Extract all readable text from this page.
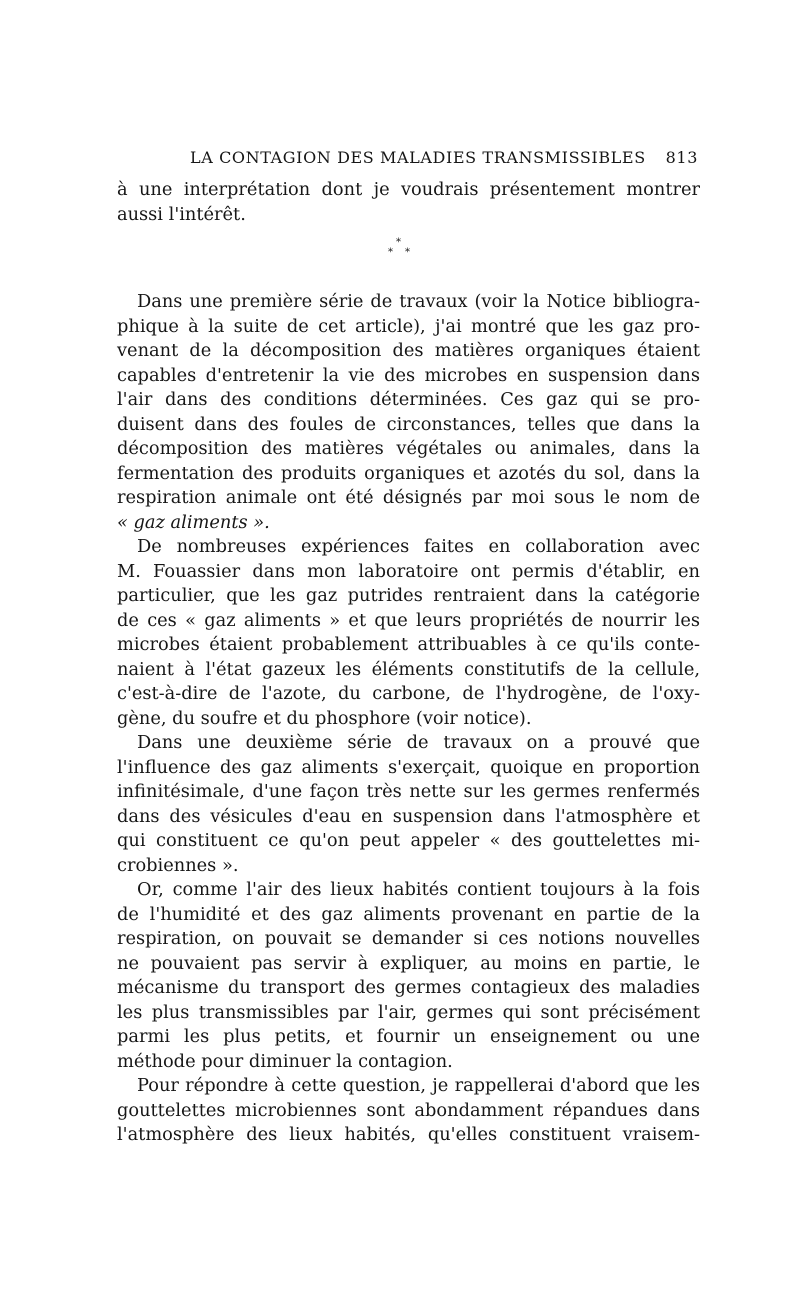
LA CONTAGION DES MALADIES TRANSMISSIBLES 813
à une interprétation dont je voudrais présentement montrer
aussi l'intérêt.
*
* *
Dans une première série de travaux (voir la Notice bibliogra-
phique à la suite de cet article), j'ai montré que les gaz pro-
venant de la décomposition des matières organiques étaient
capables d'entretenir la vie des microbes en suspension dans
l'air dans des conditions déterminées. Ces gaz qui se pro-
duisent dans des foules de circonstances, telles que dans la
décomposition des matières végétales ou animales, dans la
fermentation des produits organiques et azotés du sol, dans la
respiration animale ont été désignés par moi sous le nom de
« gaz aliments ».
De nombreuses expériences faites en collaboration avec
M. Fouassier dans mon laboratoire ont permis d'établir, en
particulier, que les gaz putrides rentraient dans la catégorie
de ces « gaz aliments » et que leurs propriétés de nourrir les
microbes étaient probablement attribuables à ce qu'ils conte-
naient à l'état gazeux les éléments constitutifs de la cellule,
c'est-à-dire de l'azote, du carbone, de l'hydrogène, de l'oxy-
gène, du soufre et du phosphore (voir notice).
Dans une deuxième série de travaux on a prouvé que
l'influence des gaz aliments s'exerçait, quoique en proportion
infinitésimale, d'une façon très nette sur les germes renfermés
dans des vésicules d'eau en suspension dans l'atmosphère et
qui constituent ce qu'on peut appeler « des gouttelettes mi-
crobiennes ».
Or, comme l'air des lieux habités contient toujours à la fois
de l'humidité et des gaz aliments provenant en partie de la
respiration, on pouvait se demander si ces notions nouvelles
ne pouvaient pas servir à expliquer, au moins en partie, le
mécanisme du transport des germes contagieux des maladies
les plus transmissibles par l'air, germes qui sont précisément
parmi les plus petits, et fournir un enseignement ou une
méthode pour diminuer la contagion.
Pour répondre à cette question, je rappellerai d'abord que les
gouttelettes microbiennes sont abondamment répandues dans
l'atmosphère des lieux habités, qu'elles constituent vraisem-
